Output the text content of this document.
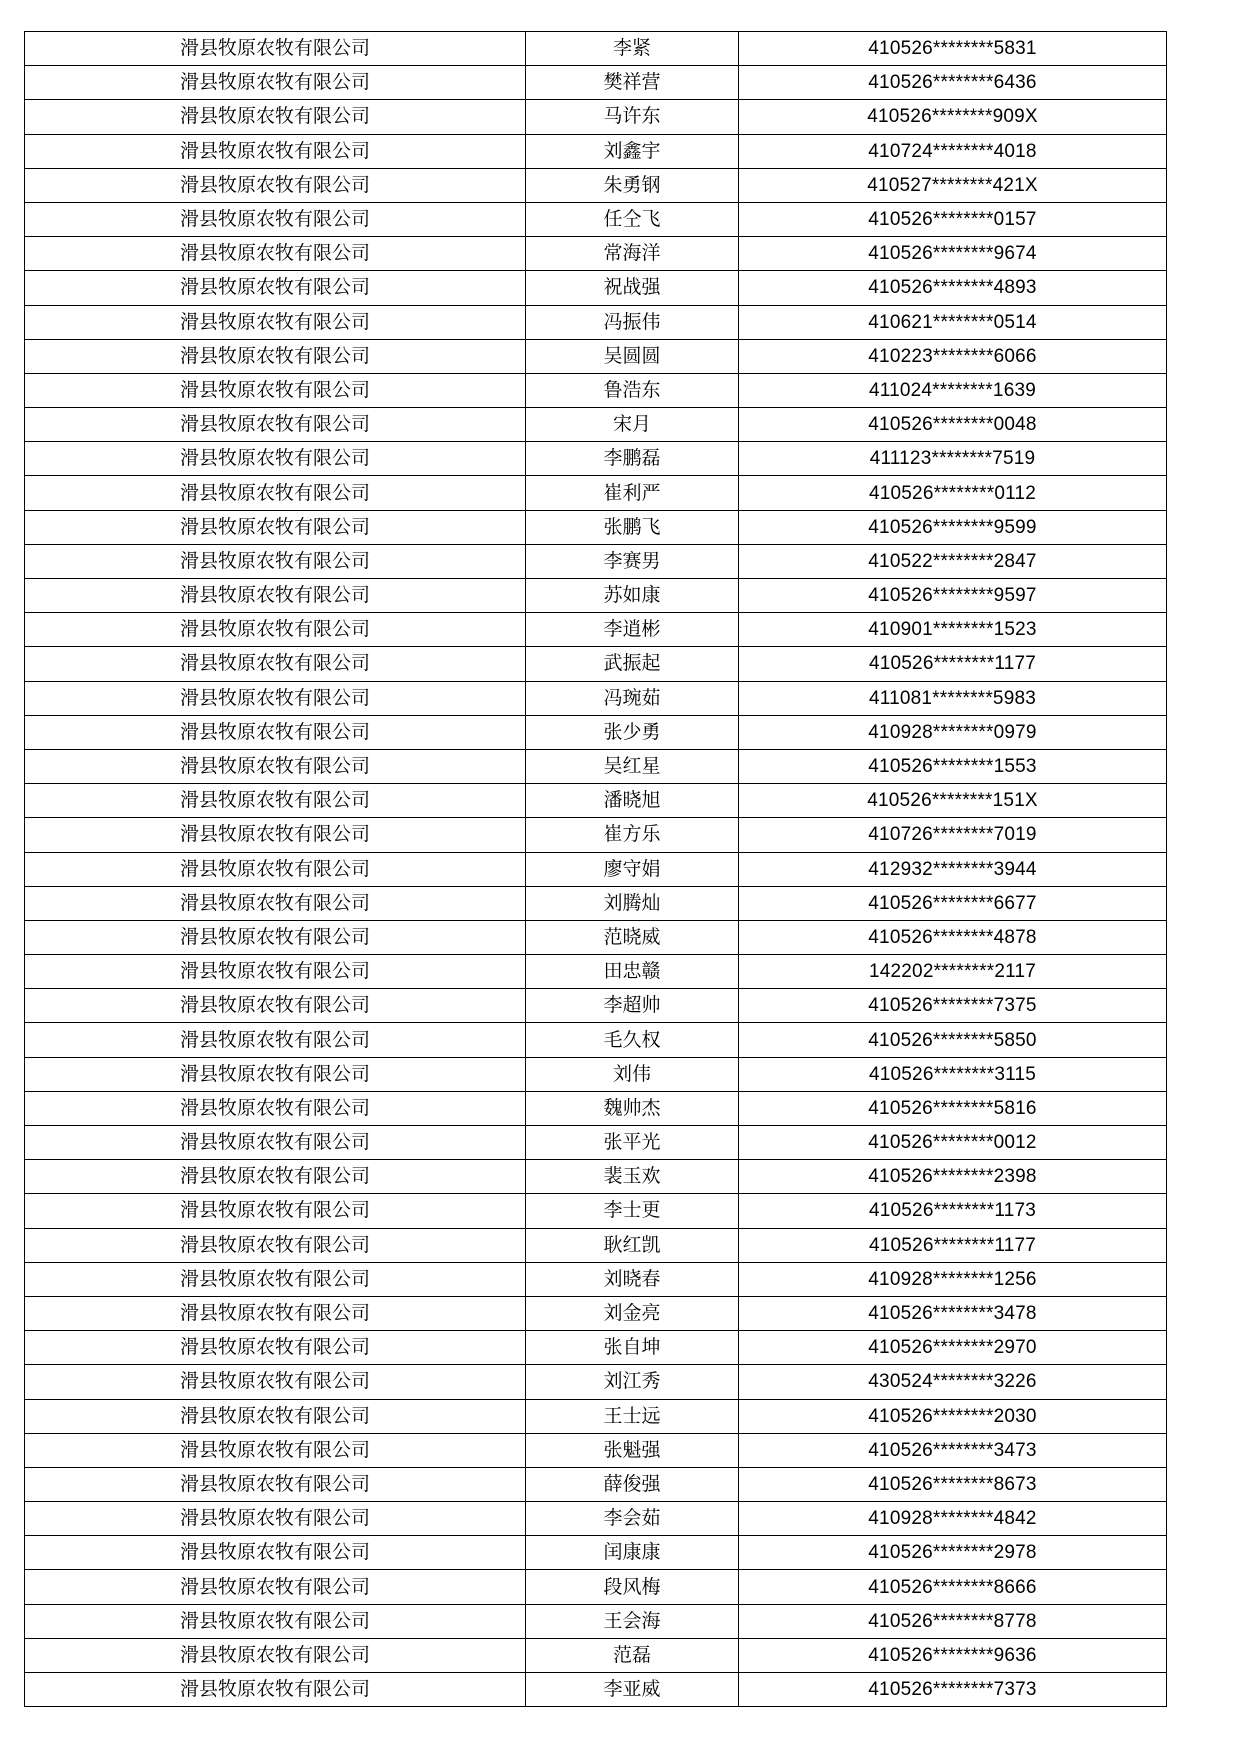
滑县牧原农牧有限公司	李紧	410526********5831
滑县牧原农牧有限公司	樊祥营	410526********6436
滑县牧原农牧有限公司	马许东	410526********909X
滑县牧原农牧有限公司	刘鑫宇	410724********4018
滑县牧原农牧有限公司	朱勇钢	410527********421X
滑县牧原农牧有限公司	任仝飞	410526********0157
滑县牧原农牧有限公司	常海洋	410526********9674
滑县牧原农牧有限公司	祝战强	410526********4893
滑县牧原农牧有限公司	冯振伟	410621********0514
滑县牧原农牧有限公司	吴圆圆	410223********6066
滑县牧原农牧有限公司	鲁浩东	411024********1639
滑县牧原农牧有限公司	宋月	410526********0048
滑县牧原农牧有限公司	李鹏磊	411123********7519
滑县牧原农牧有限公司	崔利严	410526********0112
滑县牧原农牧有限公司	张鹏飞	410526********9599
滑县牧原农牧有限公司	李赛男	410522********2847
滑县牧原农牧有限公司	苏如康	410526********9597
滑县牧原农牧有限公司	李逍彬	410901********1523
滑县牧原农牧有限公司	武振起	410526********1177
滑县牧原农牧有限公司	冯琬茹	411081********5983
滑县牧原农牧有限公司	张少勇	410928********0979
滑县牧原农牧有限公司	吴红星	410526********1553
滑县牧原农牧有限公司	潘晓旭	410526********151X
滑县牧原农牧有限公司	崔方乐	410726********7019
滑县牧原农牧有限公司	廖守娟	412932********3944
滑县牧原农牧有限公司	刘腾灿	410526********6677
滑县牧原农牧有限公司	范晓威	410526********4878
滑县牧原农牧有限公司	田忠赣	142202********2117
滑县牧原农牧有限公司	李超帅	410526********7375
滑县牧原农牧有限公司	毛久权	410526********5850
滑县牧原农牧有限公司	刘伟	410526********3115
滑县牧原农牧有限公司	魏帅杰	410526********5816
滑县牧原农牧有限公司	张平光	410526********0012
滑县牧原农牧有限公司	裴玉欢	410526********2398
滑县牧原农牧有限公司	李士更	410526********1173
滑县牧原农牧有限公司	耿红凯	410526********1177
滑县牧原农牧有限公司	刘晓春	410928********1256
滑县牧原农牧有限公司	刘金亮	410526********3478
滑县牧原农牧有限公司	张自坤	410526********2970
滑县牧原农牧有限公司	刘江秀	430524********3226
滑县牧原农牧有限公司	王士远	410526********2030
滑县牧原农牧有限公司	张魁强	410526********3473
滑县牧原农牧有限公司	薛俊强	410526********8673
滑县牧原农牧有限公司	李会茹	410928********4842
滑县牧原农牧有限公司	闰康康	410526********2978
滑县牧原农牧有限公司	段风梅	410526********8666
滑县牧原农牧有限公司	王会海	410526********8778
滑县牧原农牧有限公司	范磊	410526********9636
滑县牧原农牧有限公司	李亚威	410526********7373
